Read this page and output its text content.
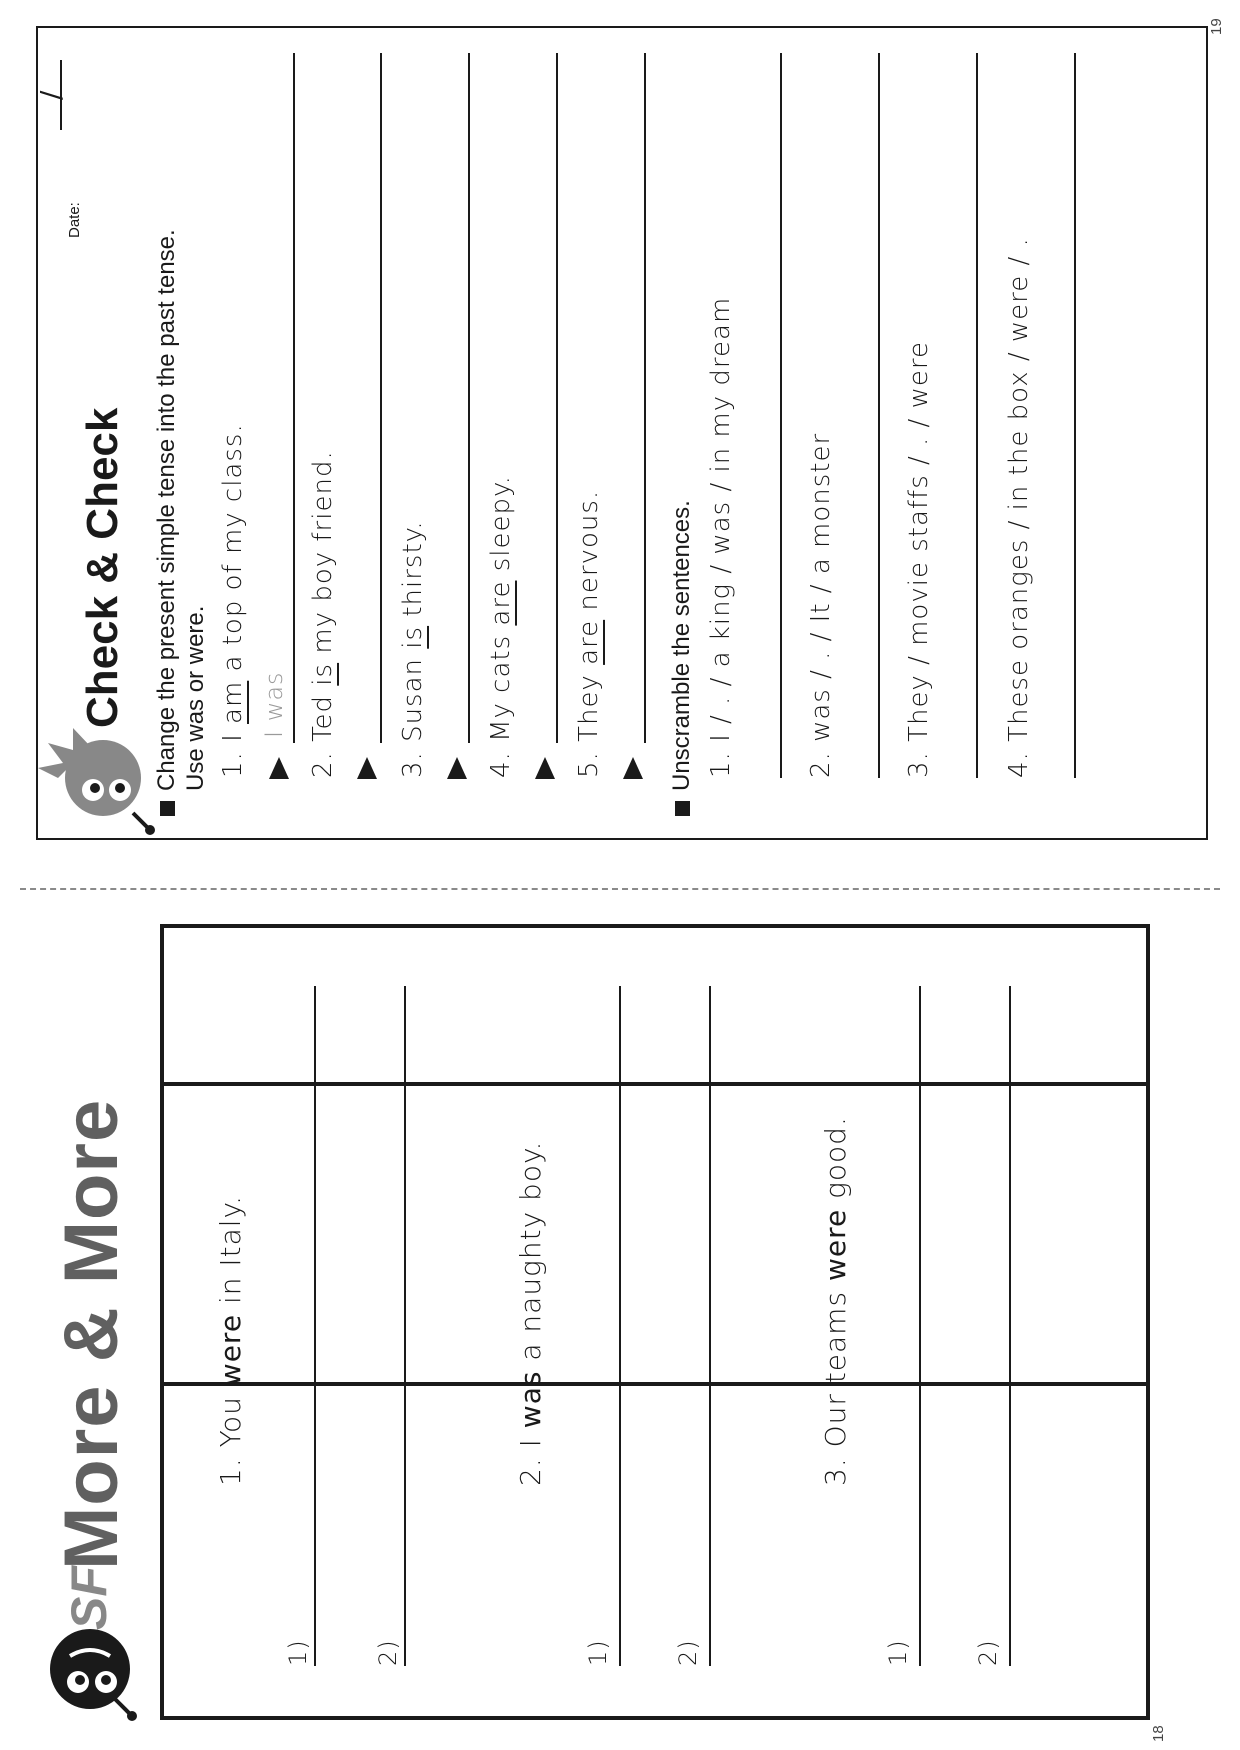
SF
More & More
18
1. You were in Italy.
1)	2)
2. I was a naughty boy.
1)	2)
3. Our teams were good.
1)	2)
Check & Check
Date:
Change the present simple tense into the past tense.
Use was or were.
1. I am a top of my class.
I was
2. Ted is my boy friend.
3. Susan is thirsty.
4. My cats are sleepy.
5. They are nervous.	Unscramble the sentences. 1. I / . / a king / was / in my dream
2. was / . / It / a monster
3. They / movie staffs / . / were
4. These oranges / in the box / were / .
/
19
